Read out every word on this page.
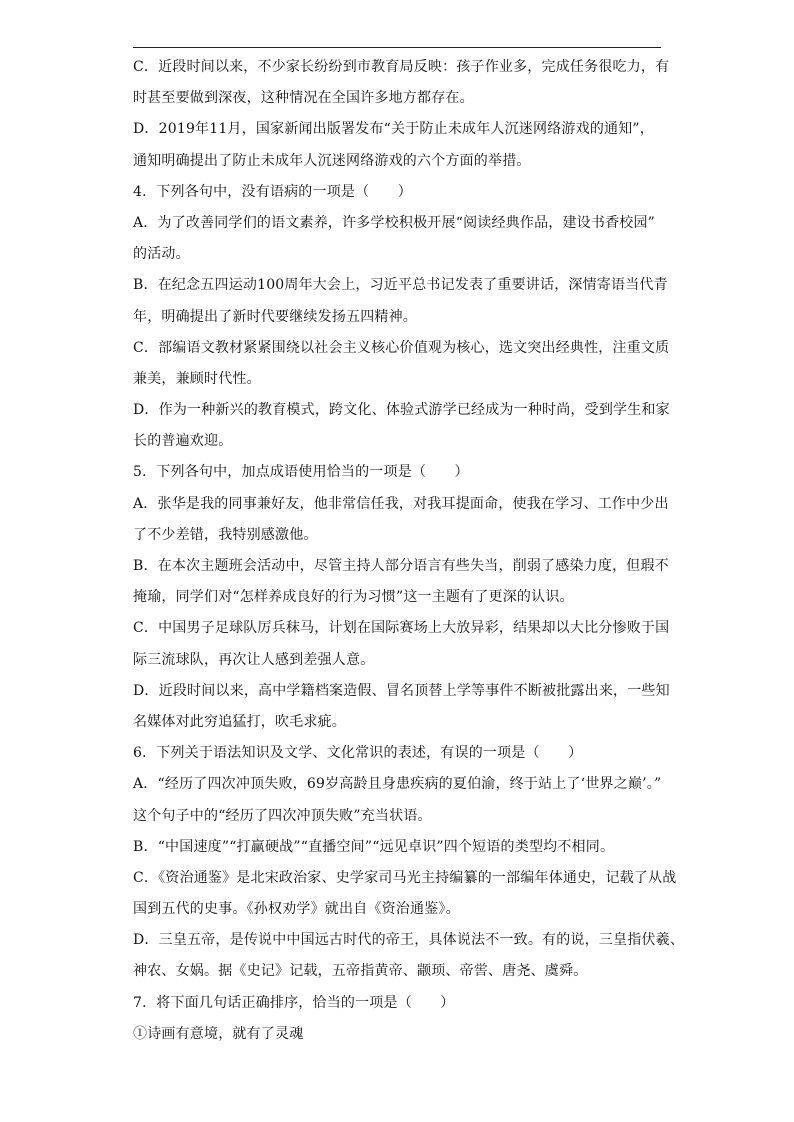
C．近段时间以来，不少家长纷纷到市教育局反映：孩子作业多，完成任务很吃力，有
时甚至要做到深夜，这种情况在全国许多地方都存在。
D．2019年11月，国家新闻出版署发布“关于防止未成年人沉迷网络游戏的通知”，
通知明确提出了防止未成年人沉迷网络游戏的六个方面的举措。
4．下列各句中，没有语病的一项是（　　）
A．为了改善同学们的语文素养，许多学校积极开展“阅读经典作品，建设书香校园”
的活动。
B．在纪念五四运动100周年大会上，习近平总书记发表了重要讲话，深情寄语当代青
年，明确提出了新时代要继续发扬五四精神。
C．部编语文教材紧紧围绕以社会主义核心价值观为核心，选文突出经典性，注重文质
兼美，兼顾时代性。
D．作为一种新兴的教育模式，跨文化、体验式游学已经成为一种时尚，受到学生和家
长的普遍欢迎。
5．下列各句中，加点成语使用恰当的一项是（　　）
A．张华是我的同事兼好友，他非常信任我，对我耳提面命，使我在学习、工作中少出
了不少差错，我特别感激他。
B．在本次主题班会活动中，尽管主持人部分语言有些失当，削弱了感染力度，但瑕不
掩瑜，同学们对“怎样养成良好的行为习惯”这一主题有了更深的认识。
C．中国男子足球队厉兵秣马，计划在国际赛场上大放异彩，结果却以大比分惨败于国
际三流球队，再次让人感到差强人意。
D．近段时间以来，高中学籍档案造假、冒名顶替上学等事件不断被批露出来，一些知
名媒体对此穷追猛打，吹毛求疵。
6．下列关于语法知识及文学、文化常识的表述，有误的一项是（　　）
A．“经历了四次冲顶失败，69岁高龄且身患疾病的夏伯渝，终于站上了‘世界之巅’。”
这个句子中的“经历了四次冲顶失败”充当状语。
B．“中国速度”“打赢硬战”“直播空间”“远见卓识”四个短语的类型均不相同。
C．《资治通鉴》是北宋政治家、史学家司马光主持编纂的一部编年体通史，记载了从战
国到五代的史事。《孙权劝学》就出自《资治通鉴》。
D．三皇五帝，是传说中中国远古时代的帝王，具体说法不一致。有的说，三皇指伏羲、
神农、女娲。据《史记》记载，五帝指黄帝、颛顼、帝喾、唐尧、虞舜。
7．将下面几句话正确排序，恰当的一项是（　　）
①诗画有意境，就有了灵魂
